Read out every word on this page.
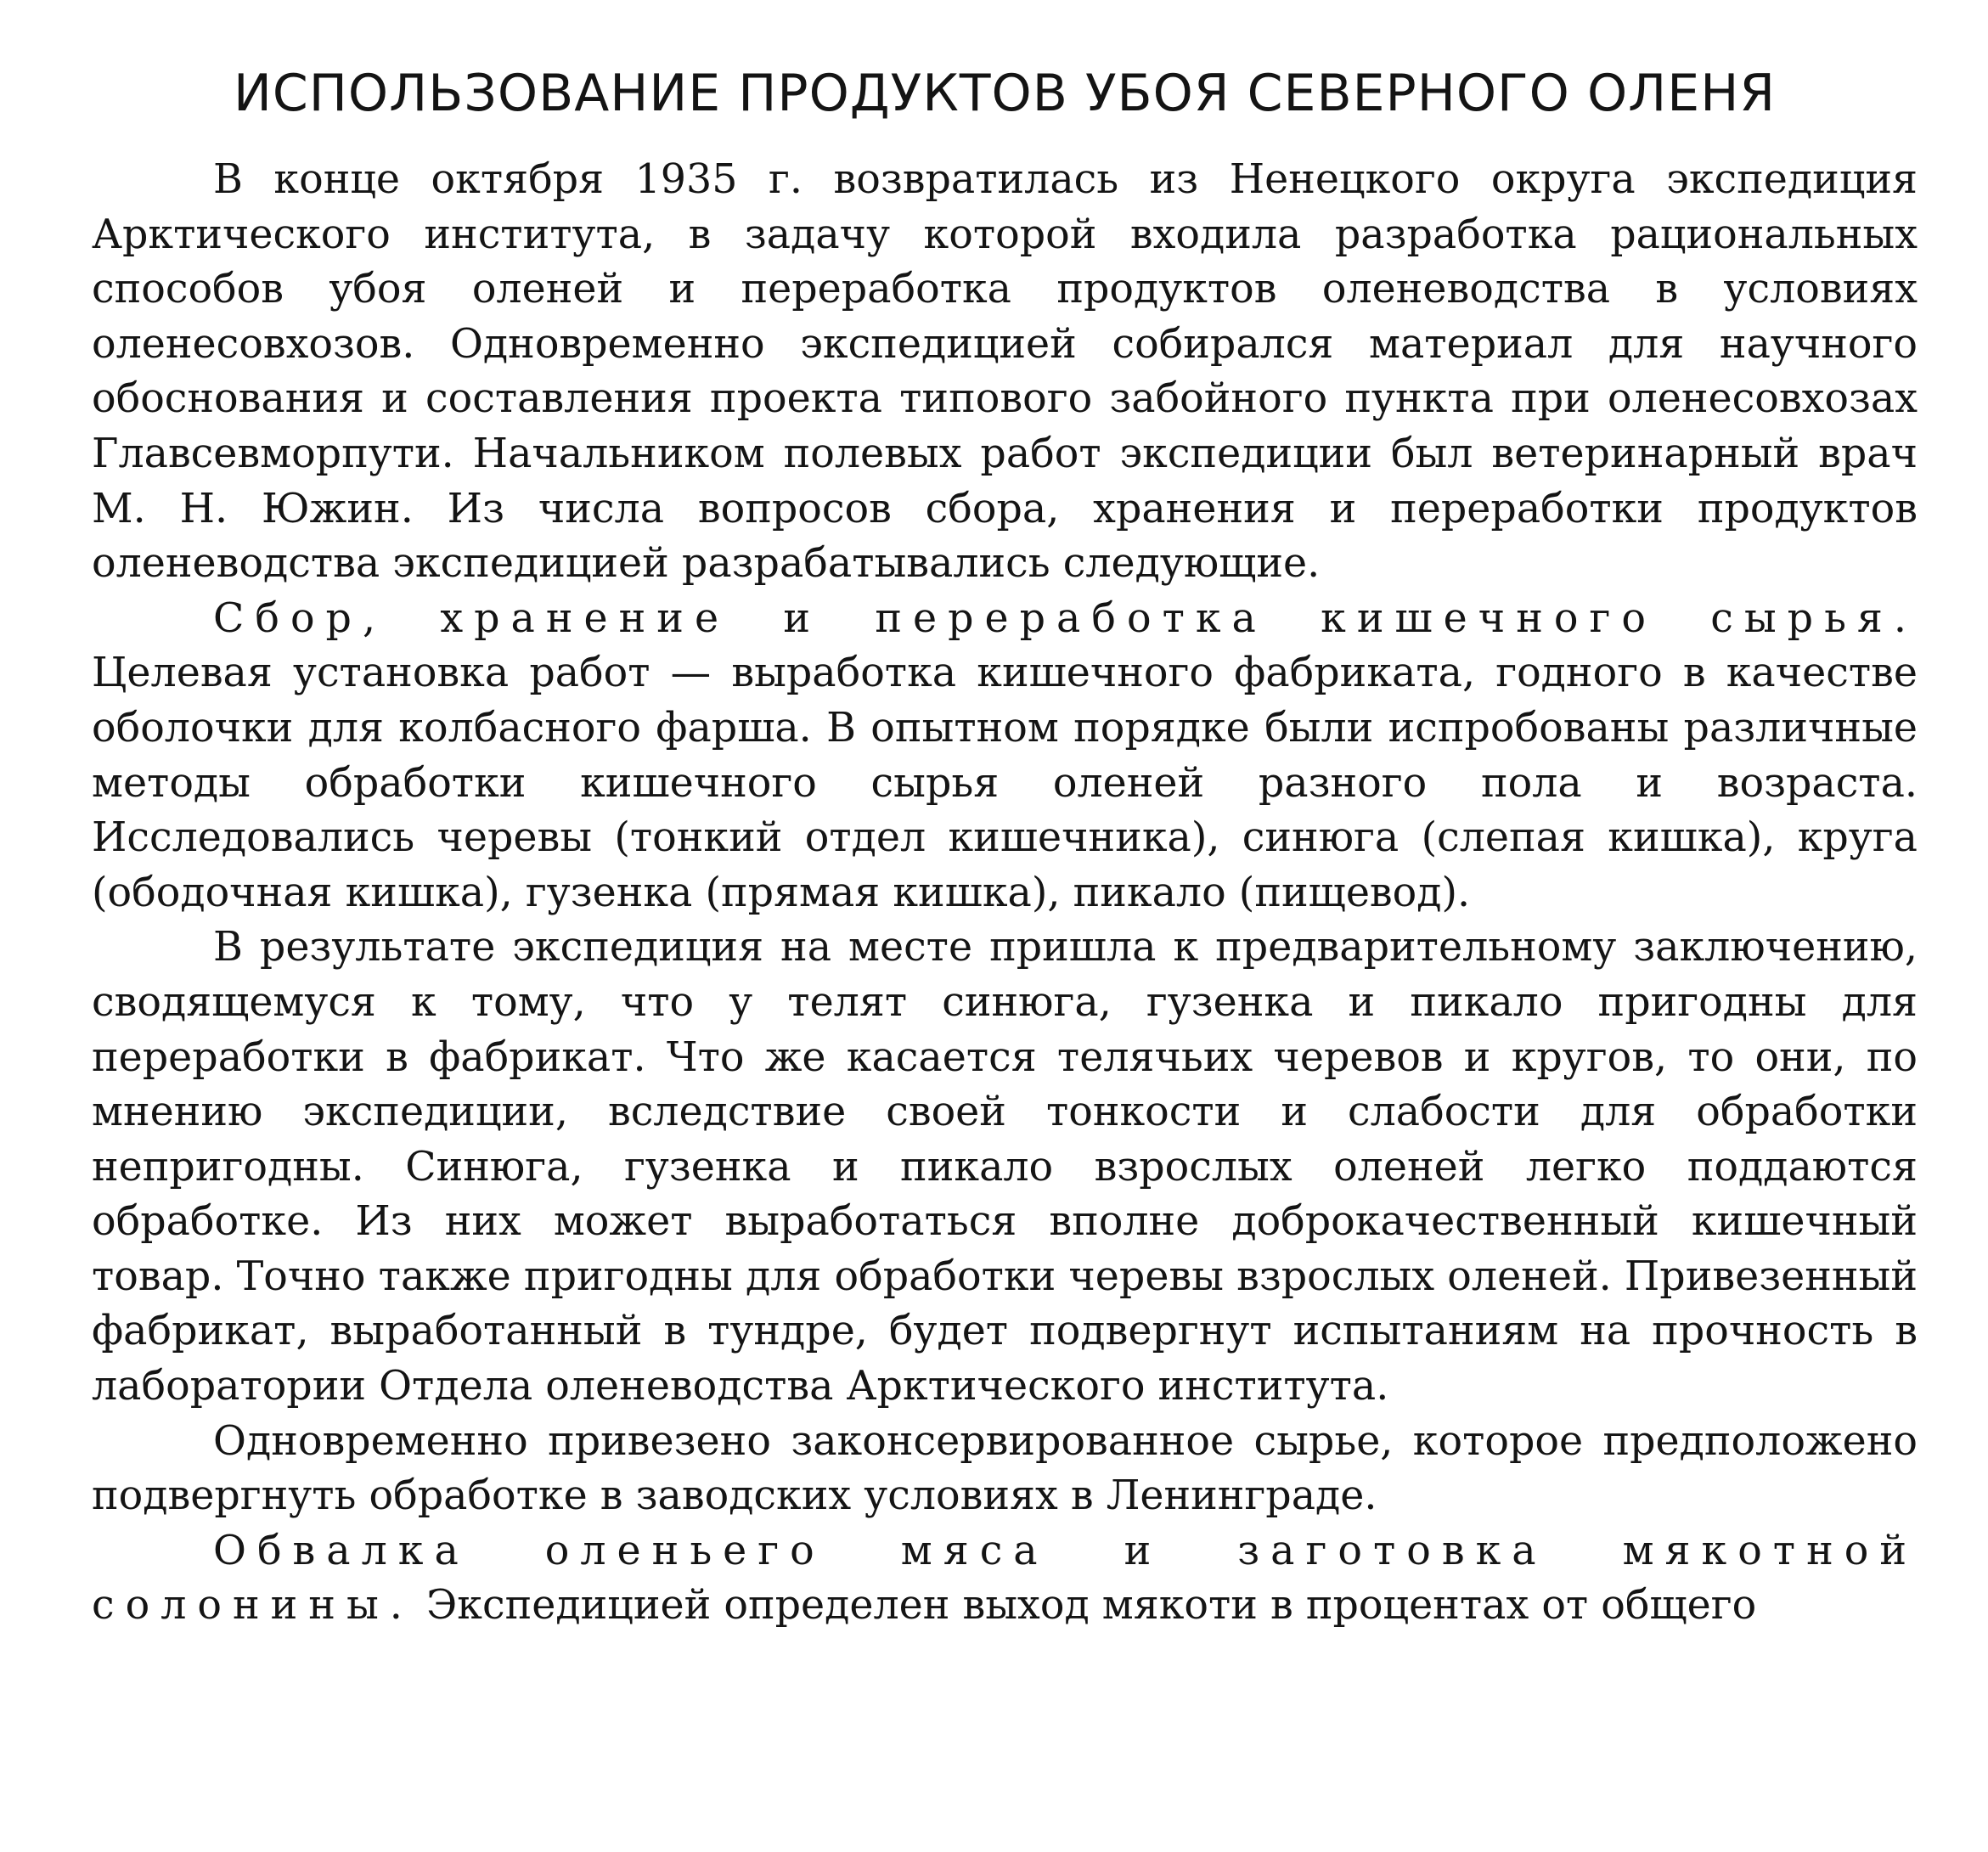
ИСПОЛЬЗОВАНИЕ ПРОДУКТОВ УБОЯ СЕВЕРНОГО ОЛЕНЯ

В конце октября 1935 г. возвратилась из Ненецкого округа экспедиция Арктического института, в задачу которой входила разработка рациональных способов убоя оленей и переработка продуктов оленеводства в условиях оленесовхозов. Одновременно экспедицией собирался материал для научного обоснования и составления проекта типового забойного пункта при оленесовхозах Главсевморпути. Начальником полевых работ экспедиции был ветеринарный врач М. Н. Южин. Из числа вопросов сбора, хранения и переработки продуктов оленеводства экспедицией разрабатывались следующие.

Сбор, хранение и переработка кишечного сырья. Целевая установка работ — выработка кишечного фабриката, годного в качестве оболочки для колбасного фарша. В опытном порядке были испробованы различные методы обработки кишечного сырья оленей разного пола и возраста. Исследовались черевы (тонкий отдел кишечника), синюга (слепая кишка), круга (ободочная кишка), гузенка (прямая кишка), пикало (пищевод).

В результате экспедиция на месте пришла к предварительному заключению, сводящемуся к тому, что у телят синюга, гузенка и пикало пригодны для переработки в фабрикат. Что же касается телячьих черевов и кругов, то они, по мнению экспедиции, вследствие своей тонкости и слабости для обработки непригодны. Синюга, гузенка и пикало взрослых оленей легко поддаются обработке. Из них может выработаться вполне доброкачественный кишечный товар. Точно также пригодны для обработки черевы взрослых оленей. Привезенный фабрикат, выработанный в тундре, будет подвергнут испытаниям на прочность в лаборатории Отдела оленеводства Арктического института.

Одновременно привезено законсервированное сырье, которое предположено подвергнуть обработке в заводских условиях в Ленинграде.

Обвалка оленьего мяса и заготовка мякотной солонины. Экспедицией определен выход мякоти в процентах от общего
